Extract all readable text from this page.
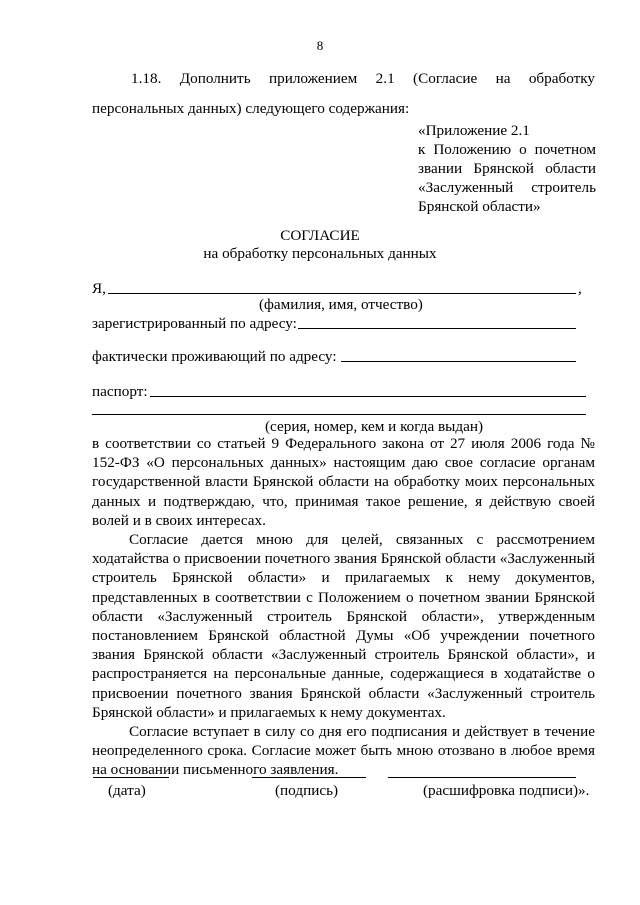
8
1.18. Дополнить приложением 2.1 (Согласие на обработку
персональных данных) следующего содержания:
«Приложение 2.1
к Положению о почетном
звании Брянской области
«Заслуженный строитель
Брянской области»
СОГЛАСИЕ
на обработку персональных данных
Я,	,
(фамилия, имя, отчество)
зарегистрированный по адресу:
фактически проживающий по адресу:
паспорт:
(серия, номер, кем и когда выдан)

в соответствии со статьей 9 Федерального закона от 27 июля 2006 года № 152-ФЗ «О персональных данных» настоящим даю свое согласие органам государственной власти Брянской области на обработку моих персональных данных и подтверждаю, что, принимая такое решение, я действую своей волей и в своих интересах.

Согласие дается мною для целей, связанных с рассмотрением ходатайства о присвоении почетного звания Брянской области «Заслуженный строитель Брянской области» и прилагаемых к нему документов, представленных в соответствии с Положением о почетном звании Брянской области «Заслуженный строитель Брянской области», утвержденным постановлением Брянской областной Думы «Об учреждении почетного звания Брянской области «Заслуженный строитель Брянской области», и распространяется на персональные данные, содержащиеся в ходатайстве о присвоении почетного звания Брянской области «Заслуженный строитель Брянской области» и прилагаемых к нему документах.

Согласие вступает в силу со дня его подписания и действует в течение неопределенного срока. Согласие может быть мною отозвано в любое время на основании письменного заявления.

(дата)	(подпись)	(расшифровка подписи)».
